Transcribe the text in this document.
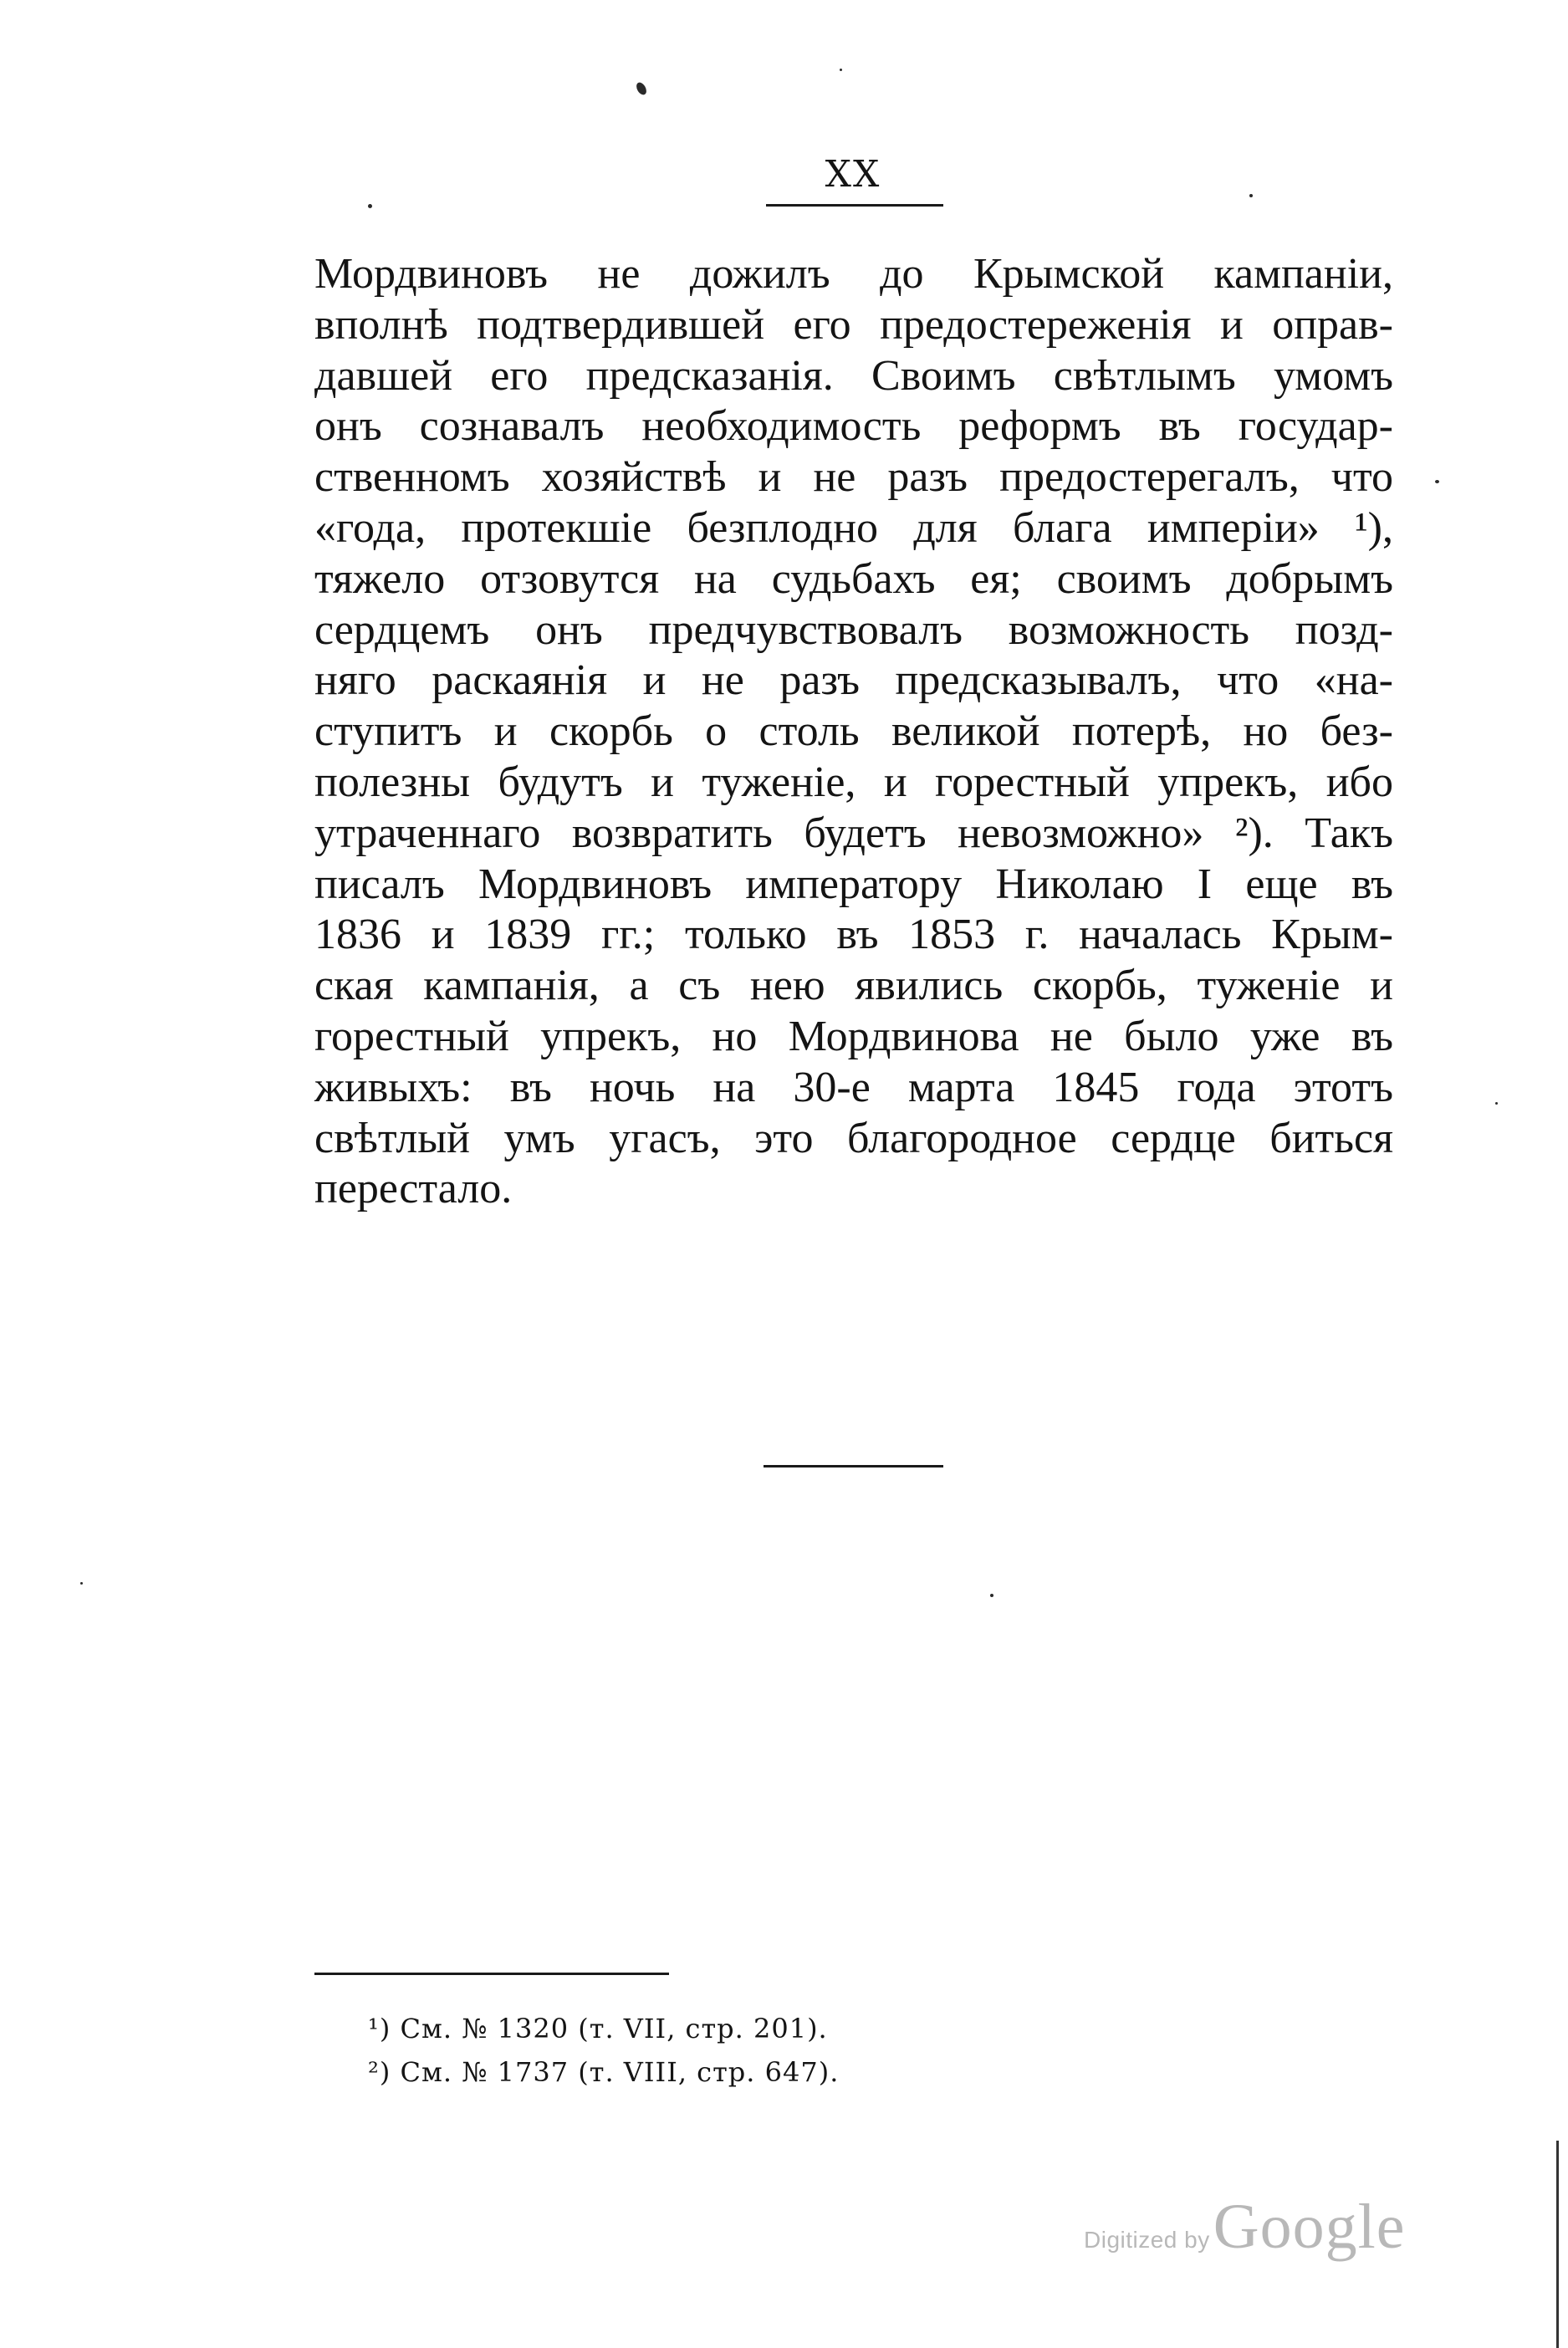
XX
Мордвиновъ не дожилъ до Крымской кампаніи,
вполнѣ подтвердившей его предостереженія и оправ-
давшей его предсказанія. Своимъ свѣтлымъ умомъ
онъ сознавалъ необходимость реформъ въ государ-
ственномъ хозяйствѣ и не разъ предостерегалъ, что
«года, протекшіе безплодно для блага имперіи» ¹),
тяжело отзовутся на судьбахъ ея; своимъ добрымъ
сердцемъ онъ предчувствовалъ возможность позд-
няго раскаянія и не разъ предсказывалъ, что «на-
ступитъ и скорбь о столь великой потерѣ, но без-
полезны будутъ и туженіе, и горестный упрекъ, ибо
утраченнаго возвратить будетъ невозможно» ²). Такъ
писалъ Мордвиновъ императору Николаю I еще въ
1836 и 1839 гг.; только въ 1853 г. началась Крым-
ская кампанія, а съ нею явились скорбь, туженіе и
горестный упрекъ, но Мордвинова не было уже въ
живыхъ: въ ночь на 30-е марта 1845 года этотъ
свѣтлый умъ угасъ, это благородное сердце биться
перестало.
¹) См. № 1320 (т. VII, стр. 201).
²) См. № 1737 (т. VIII, стр. 647).
Digitized by Google
